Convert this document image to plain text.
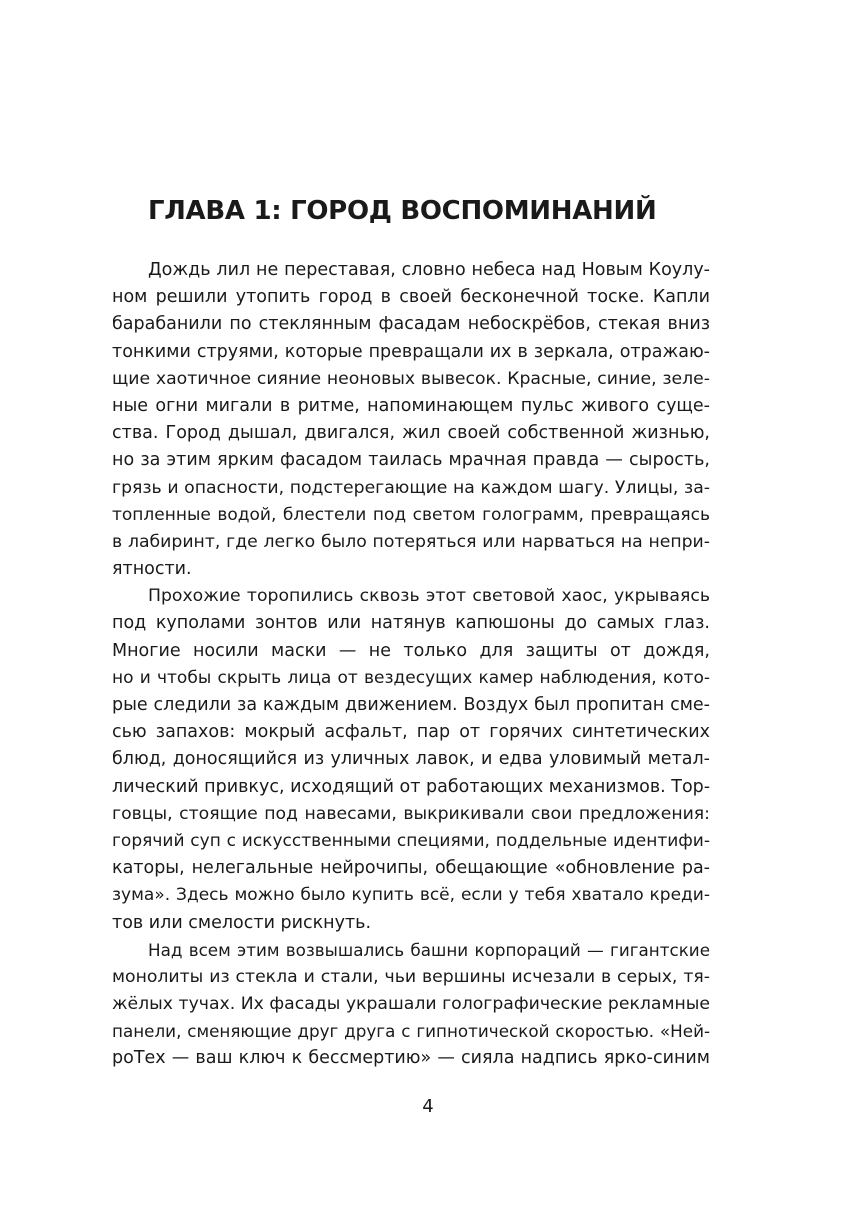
ГЛАВА 1: ГОРОД ВОСПОМИНАНИЙ

Дождь лил не переставая, словно небеса над Новым Коулу-
ном решили утопить город в своей бесконечной тоске. Капли
барабанили по стеклянным фасадам небоскрёбов, стекая вниз
тонкими струями, которые превращали их в зеркала, отражаю-
щие хаотичное сияние неоновых вывесок. Красные, синие, зеле-
ные огни мигали в ритме, напоминающем пульс живого суще-
ства. Город дышал, двигался, жил своей собственной жизнью,
но за этим ярким фасадом таилась мрачная правда — сырость,
грязь и опасности, подстерегающие на каждом шагу. Улицы, за-
топленные водой, блестели под светом голограмм, превращаясь
в лабиринт, где легко было потеряться или нарваться на непри-
ятности.

Прохожие торопились сквозь этот световой хаос, укрываясь
под куполами зонтов или натянув капюшоны до самых глаз.
Многие носили маски — не только для защиты от дождя,
но и чтобы скрыть лица от вездесущих камер наблюдения, кото-
рые следили за каждым движением. Воздух был пропитан сме-
сью запахов: мокрый асфальт, пар от горячих синтетических
блюд, доносящийся из уличных лавок, и едва уловимый метал-
лический привкус, исходящий от работающих механизмов. Тор-
говцы, стоящие под навесами, выкрикивали свои предложения:
горячий суп с искусственными специями, поддельные идентифи-
каторы, нелегальные нейрочипы, обещающие «обновление ра-
зума». Здесь можно было купить всё, если у тебя хватало креди-
тов или смелости рискнуть.

Над всем этим возвышались башни корпораций — гигантские
монолиты из стекла и стали, чьи вершины исчезали в серых, тя-
жёлых тучах. Их фасады украшали голографические рекламные
панели, сменяющие друг друга с гипнотической скоростью. «Ней-
роТех — ваш ключ к бессмертию» — сияла надпись ярко-синим

4
